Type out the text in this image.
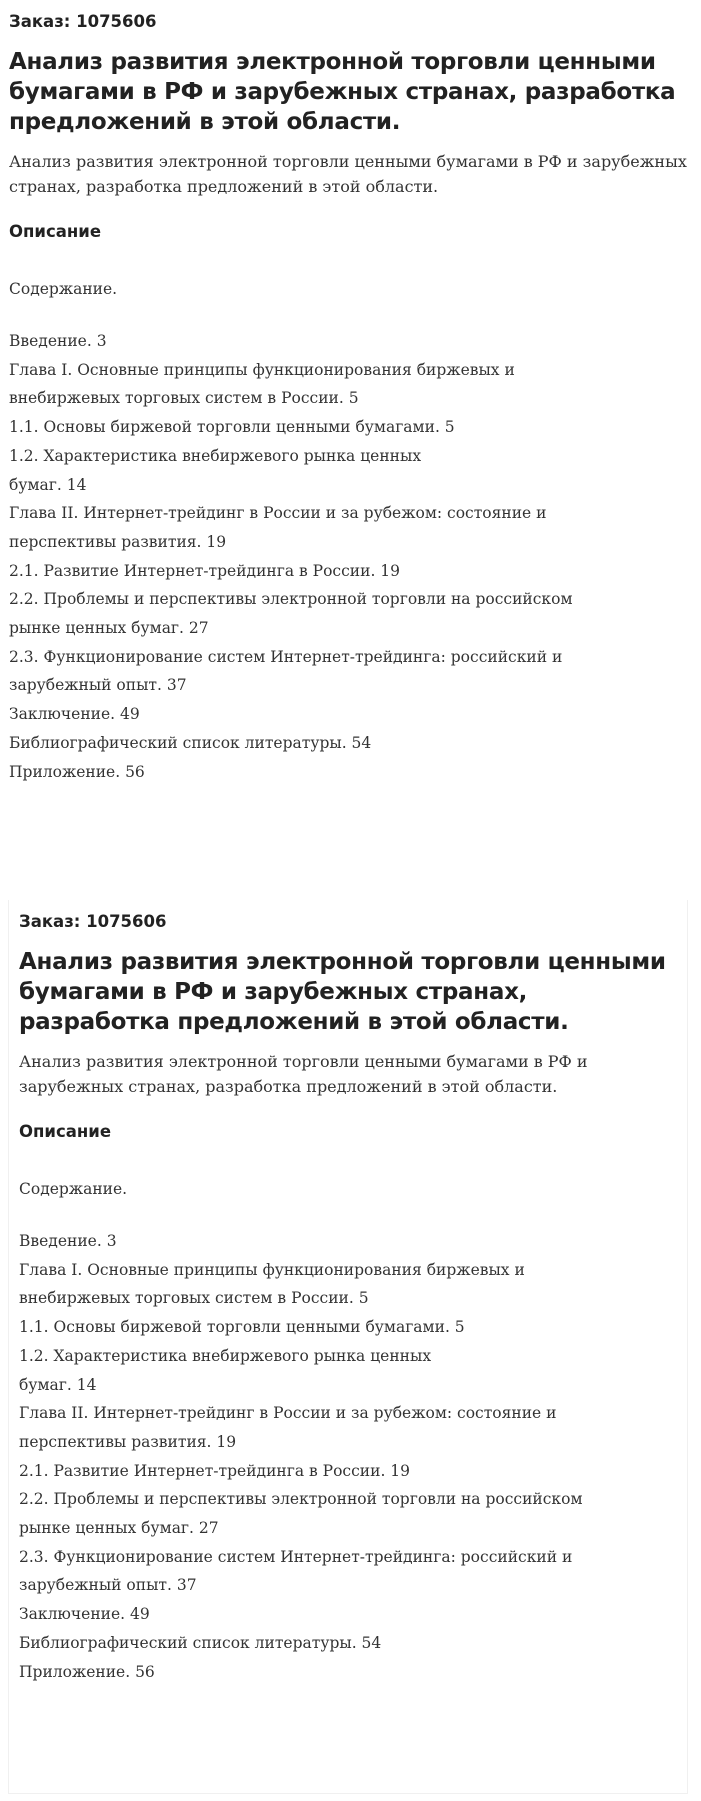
Заказ: 1075606
Анализ развития электронной торговли ценными бумагами в РФ и зарубежных странах, разработка предложений в этой области.

Анализ развития электронной торговли ценными бумагами в РФ и зарубежных странах, разработка предложений в этой области.

Описание
Содержание.
Введение. 3
Глава I. Основные принципы функционирования биржевых и
внебиржевых торговых систем в России. 5
1.1. Основы биржевой торговли ценными бумагами. 5
1.2. Характеристика внебиржевого рынка ценных
бумаг. 14
Глава II. Интернет-трейдинг в России и за рубежом: состояние и
перспективы развития. 19
2.1. Развитие Интернет-трейдинга в России. 19
2.2. Проблемы и перспективы электронной торговли на российском
рынке ценных бумаг. 27
2.3. Функционирование систем Интернет-трейдинга: российский и
зарубежный опыт. 37
Заключение. 49
Библиографический список литературы. 54
Приложение. 56
Заказ: 1075606
Анализ развития электронной торговли ценными бумагами в РФ и зарубежных странах, разработка предложений в этой области.

Анализ развития электронной торговли ценными бумагами в РФ и зарубежных странах, разработка предложений в этой области.

Описание
Содержание.
Введение. 3
Глава I. Основные принципы функционирования биржевых и
внебиржевых торговых систем в России. 5
1.1. Основы биржевой торговли ценными бумагами. 5
1.2. Характеристика внебиржевого рынка ценных
бумаг. 14
Глава II. Интернет-трейдинг в России и за рубежом: состояние и
перспективы развития. 19
2.1. Развитие Интернет-трейдинга в России. 19
2.2. Проблемы и перспективы электронной торговли на российском
рынке ценных бумаг. 27
2.3. Функционирование систем Интернет-трейдинга: российский и
зарубежный опыт. 37
Заключение. 49
Библиографический список литературы. 54
Приложение. 56
